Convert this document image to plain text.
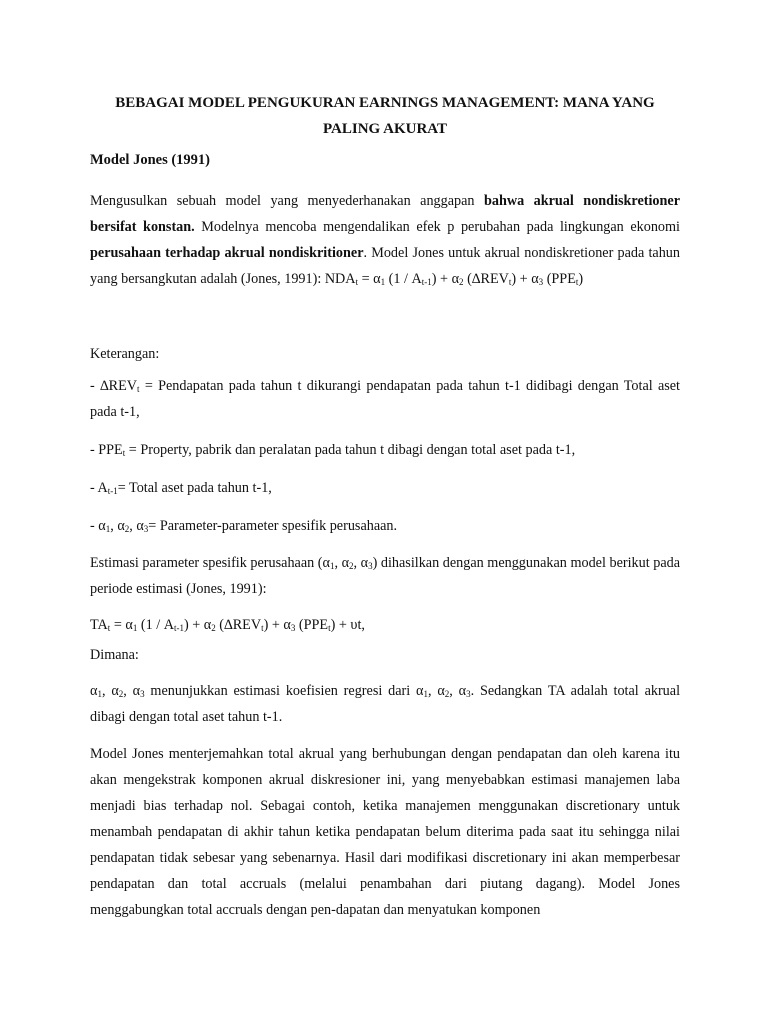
BEBAGAI MODEL PENGUKURAN EARNINGS MANAGEMENT: MANA YANG PALING AKURAT
Model Jones (1991)

Mengusulkan sebuah model yang menyederhanakan anggapan bahwa akrual nondiskretioner bersifat konstan. Modelnya mencoba mengendalikan efek p perubahan pada lingkungan ekonomi perusahaan terhadap akrual nondiskritioner. Model Jones untuk akrual nondiskretioner pada tahun yang bersangkutan adalah (Jones, 1991): $NDA_t = \alpha_1$ $(1 / A_{t-1}) + \alpha_2$ $(\Delta REV_t) + \alpha_3$ $(PPE_t)$

Keterangan:

- $\Delta REV_t$ = Pendapatan pada tahun t dikurangi pendapatan pada tahun t-1 didibagi dengan Total aset pada t-1,

- $PPE_t$ = Property, pabrik dan peralatan pada tahun t dibagi dengan total aset pada t-1,

- $A_{t-1}=$ Total aset pada tahun t-1,

- $\alpha_1$, $\alpha_2$, $\alpha_3=$ Parameter-parameter spesifik perusahaan.

Estimasi parameter spesifik perusahaan ($\alpha_1$, $\alpha_2$, $\alpha_3$) dihasilkan dengan menggunakan model berikut pada periode estimasi (Jones, 1991):

$TA_t = \alpha_1$ $(1 / A_{t-1}) + \alpha_2$ $(\Delta REV_t) + \alpha_3$ $(PPE_t) + \upsilon t$,

Dimana:

$\alpha_1$, $\alpha_2$, $\alpha_3$ menunjukkan estimasi koefisien regresi dari $\alpha_1$, $\alpha_2$, $\alpha_3$. Sedangkan TA adalah total akrual dibagi dengan total aset tahun t-1.

Model Jones menterjemahkan total akrual yang berhubungan dengan pendapatan dan oleh karena itu akan mengekstrak komponen akrual diskresioner ini, yang menyebabkan estimasi manajemen laba menjadi bias terhadap nol. Sebagai contoh, ketika manajemen menggunakan discretionary untuk menambah pendapatan di akhir tahun ketika pendapatan belum diterima pada saat itu sehingga nilai pendapatan tidak sebesar yang sebenarnya. Hasil dari modifikasi discretionary ini akan memperbesar pendapatan dan total accruals (melalui penambahan dari piutang dagang). Model Jones menggabungkan total accruals dengan pen-dapatan dan menyatukan komponen
